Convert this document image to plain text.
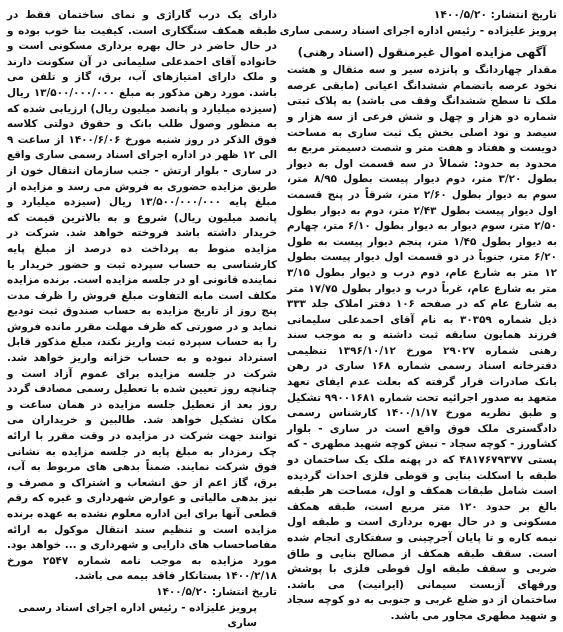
تاریخ انتشار: ۱۴۰۰/۵/۲۰
پرویز علیزاده - رئیس اداره اجرای اسناد رسمی ساری
آگهی مزایده اموال غیرمنقول (اسناد رهنی)

مقدار چهاردانگ و پانزده سیر و سه مثقال و هشت نخود عرصه باتضمام ششدانگ اعیانی (مابقی عرصه ملک تا سطح ششدانگ وقف می باشد) به پلاک ثبتی شماره دو هزار و چهل و شش فرعی از سه هزار و سیصد و نود اصلی بخش یک ثبت ساری به مساحت دویست و هفتاد و هفت متر و شصت دسیمتر مربع به محدود به حدود: شمالاً در سه قسمت اول به دیوار بطول ۳/۲۰ متر، دوم دیوار پیست بطول ۸/۹۵ متر، سوم به دیوار بطول ۲/۶۰ متر، شرقاً در پنج قسمت اول دیوار پیست بطول ۲/۴۳ متر، دوم به دیوار بطول ۲/۵۰ متر، سوم دیوار به دیوار بطول ۶/۱۰ متر، چهارم به دیوار بطول ۱/۴۵ متر، پنجم دیوار پیست به طول ۶/۲۰ متر، جنوباً در دو قسمت اول دیوار پیست بطول ۱۲ متر به شارع عام، دوم درب و دیوار بطول ۳/۱۵ متر به شارع عام، غرباً درب و دیوار بطول ۱۷/۷۵ متر به شارع عام که در صفحه ۱۰۶ دفتر املاک جلد ۳۳۳ ذیل شماره ۳۰۳۵۹ به نام آقای احمدعلی سلیمانی فرزند همایون سابقه ثبت داشته و به موجب سند رهنی شماره ۲۹۰۲۷ مورخ ۱۳۹۶/۱۰/۱۲ تنظیمی دفترخانه اسناد رسمی شماره ۱۶۸ ساری در رهن بانک صادرات قرار گرفته که بعلت عدم ایفای تعهد متعهد به صدور اجرائیه تحت شماره ۹۹۰۰۱۶۸۱ تشکیل و طبق نظریه مورخ ۱۴۰۰/۱/۱۷ کارشناس رسمی دادگستری ملک فوق واقع است در ساری - بلوار کشاورز - کوچه سجاد - نبش کوچه شهید مطهری - که پستی ۴۸۱۷۶۷۹۳۷۷ که در پهنه ملک یک ساختمان دو طبقه با اسکلت بنایی و قوطی فلزی احداث گردیده است شامل طبقات همکف و اول، مساحت هر طبقه بالغ بر حدود ۱۲۰ متر مربع است، طبقه همکف مسکونی و در حال بهره برداری است و طبقه اول نیمه کاره و تا پایان آجرچینی و سفتکاری انجام شده است. سقف طبقه همکف از مصالح بنایی و طاق ضربی و سقف طبقه اول قوطی فلزی با پوشش ورقهای آزبست سیمانی (ایرانیت) می باشد. ساختمان از دو ضلع غربی و جنوبی به دو کوچه سجاد و شهید مطهری مجاور می باشد.

دارای یک درب گاراژی و نمای ساختمان فقط در طبقه همکف سنگکاری است. کیفیت بنا خوب بوده و در حال حاضر در حال بهره برداری مسکونی است و خانواده آقای احمدعلی سلیمانی در آن سکونت دارند و ملک دارای امتیازهای آب، برق، گاز و تلفن می باشد. مورد رهن مذکور به مبلغ ۱۳/۵۰۰/۰۰۰/۰۰۰ ریال (سیزده میلیارد و پانصد میلیون ریال) ارزیابی شده که به منظور وصول طلب بانک و حقوق دولتی کلاسه فوق الذکر در روز شنبه مورخ ۱۴۰۰/۶/۰۶ از ساعت ۹ الی ۱۲ ظهر در اداره اجرای اسناد رسمی ساری واقع در ساری - بلوار ارتش - جنب سازمان انتقال خون از طریق مزایده حضوری به فروش می رسد و مزایده از مبلغ پایه ۱۳/۵۰۰/۰۰۰/۰۰۰ ریال (سیزده میلیارد و پانصد میلیون ریال) شروع و به بالاترین قیمت که خریدار داشته باشد فروخته خواهد شد. شرکت در مزایده منوط به پرداخت ده درصد از مبلغ پایه کارشناسی به حساب سپرده ثبت و حضور خریدار یا نماینده قانونی او در جلسه مزایده است. برنده مزایده مکلف است مابه التفاوت مبلغ فروش را ظرف مدت پنج روز از تاریخ مزایده به حساب صندوق ثبت تودیع نماید و در صورتی که ظرف مهلت مقرر مانده فروش را به حساب سپرده ثبت واریز نکند، مبلغ مذکور قابل استرداد نبوده و به حساب خزانه واریز خواهد شد. شرکت در جلسه مزایده برای عموم آزاد است و چنانچه روز تعیین شده با تعطیل رسمی مصادف گردد روز بعد از تعطیل جلسه مزایده در همان ساعت و مکان تشکیل خواهد شد. طالبین و خریداران می توانند جهت شرکت در مزایده در وقت مقرر با ارائه چک رمزدار به مبلغ پایه در جلسه مزایده به نشانی فوق شرکت نمایند. ضمناً بدهی های مربوط به آب، برق، گاز اعم از حق انشعاب و اشتراک و مصرف و نیز بدهی مالیاتی و عوارض شهرداری و غیره که رقم قطعی آنها برای این اداره معلوم نشده به عهده برنده مزایده است و تنظیم سند انتقال موکول به ارائه مفاصاحساب های دارایی و شهرداری و ... خواهد بود. مورد مزایده به موجب نامه شماره ۲۵۴۷ مورخ ۱۴۰۰/۲/۱۸ بستانکار فاقد بیمه می باشد.

تاریخ انتشار: ۱۴۰۰/۵/۲۰
پرویز علیزاده - رئیس اداره اجرای اسناد رسمی ساری
